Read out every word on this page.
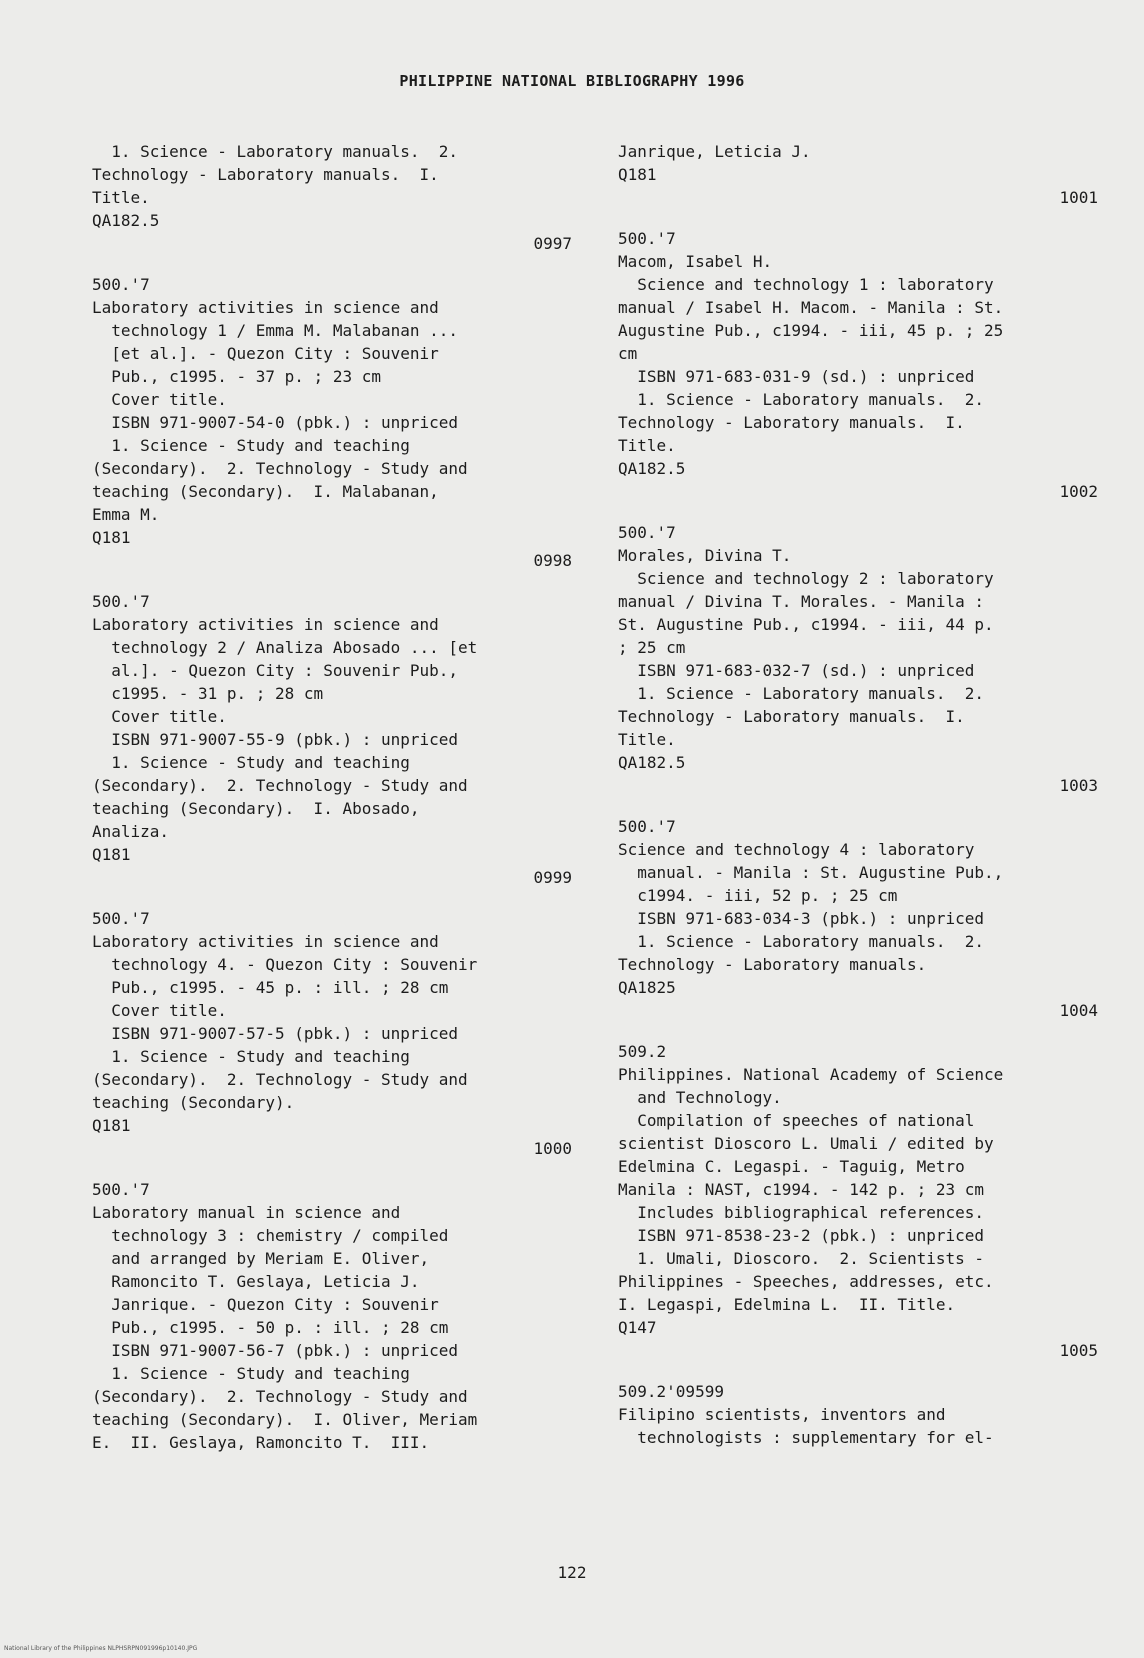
PHILIPPINE NATIONAL BIBLIOGRAPHY 1996

1. Science - Laboratory manuals.  2.

Technology - Laboratory manuals.  I.

Title.

QA182.5

0997

500.'7

Laboratory activities in science and

technology 1 / Emma M. Malabanan ...

[et al.]. - Quezon City : Souvenir

Pub., c1995. - 37 p. ; 23 cm

Cover title.

ISBN 971-9007-54-0 (pbk.) : unpriced

1. Science - Study and teaching

(Secondary).  2. Technology - Study and

teaching (Secondary).  I. Malabanan,

Emma M.

Q181

0998

500.'7

Laboratory activities in science and

technology 2 / Analiza Abosado ... [et

al.]. - Quezon City : Souvenir Pub.,

c1995. - 31 p. ; 28 cm

Cover title.

ISBN 971-9007-55-9 (pbk.) : unpriced

1. Science - Study and teaching

(Secondary).  2. Technology - Study and

teaching (Secondary).  I. Abosado,

Analiza.

Q181

0999

500.'7

Laboratory activities in science and

technology 4. - Quezon City : Souvenir

Pub., c1995. - 45 p. : ill. ; 28 cm

Cover title.

ISBN 971-9007-57-5 (pbk.) : unpriced

1. Science - Study and teaching

(Secondary).  2. Technology - Study and

teaching (Secondary).

Q181

1000

500.'7

Laboratory manual in science and

technology 3 : chemistry / compiled

and arranged by Meriam E. Oliver,

Ramoncito T. Geslaya, Leticia J.

Janrique. - Quezon City : Souvenir

Pub., c1995. - 50 p. : ill. ; 28 cm

ISBN 971-9007-56-7 (pbk.) : unpriced

1. Science - Study and teaching

(Secondary).  2. Technology - Study and

teaching (Secondary).  I. Oliver, Meriam

E.  II. Geslaya, Ramoncito T.  III.

Janrique, Leticia J.

Q181

1001

500.'7

Macom, Isabel H.

Science and technology 1 : laboratory

manual / Isabel H. Macom. - Manila : St.

Augustine Pub., c1994. - iii, 45 p. ; 25

cm

ISBN 971-683-031-9 (sd.) : unpriced

1. Science - Laboratory manuals.  2.

Technology - Laboratory manuals.  I.

Title.

QA182.5

1002

500.'7

Morales, Divina T.

Science and technology 2 : laboratory

manual / Divina T. Morales. - Manila :

St. Augustine Pub., c1994. - iii, 44 p.

; 25 cm

ISBN 971-683-032-7 (sd.) : unpriced

1. Science - Laboratory manuals.  2.

Technology - Laboratory manuals.  I.

Title.

QA182.5

1003

500.'7

Science and technology 4 : laboratory

manual. - Manila : St. Augustine Pub.,

c1994. - iii, 52 p. ; 25 cm

ISBN 971-683-034-3 (pbk.) : unpriced

1. Science - Laboratory manuals.  2.

Technology - Laboratory manuals.

QA1825

1004

509.2

Philippines. National Academy of Science

and Technology.

Compilation of speeches of national

scientist Dioscoro L. Umali / edited by

Edelmina C. Legaspi. - Taguig, Metro

Manila : NAST, c1994. - 142 p. ; 23 cm

Includes bibliographical references.

ISBN 971-8538-23-2 (pbk.) : unpriced

1. Umali, Dioscoro.  2. Scientists -

Philippines - Speeches, addresses, etc.

I. Legaspi, Edelmina L.  II. Title.

Q147

1005

509.2'09599

Filipino scientists, inventors and

technologists : supplementary for el-

122
National Library of the Philippines NLPHSRPN091996p10140.JPG
